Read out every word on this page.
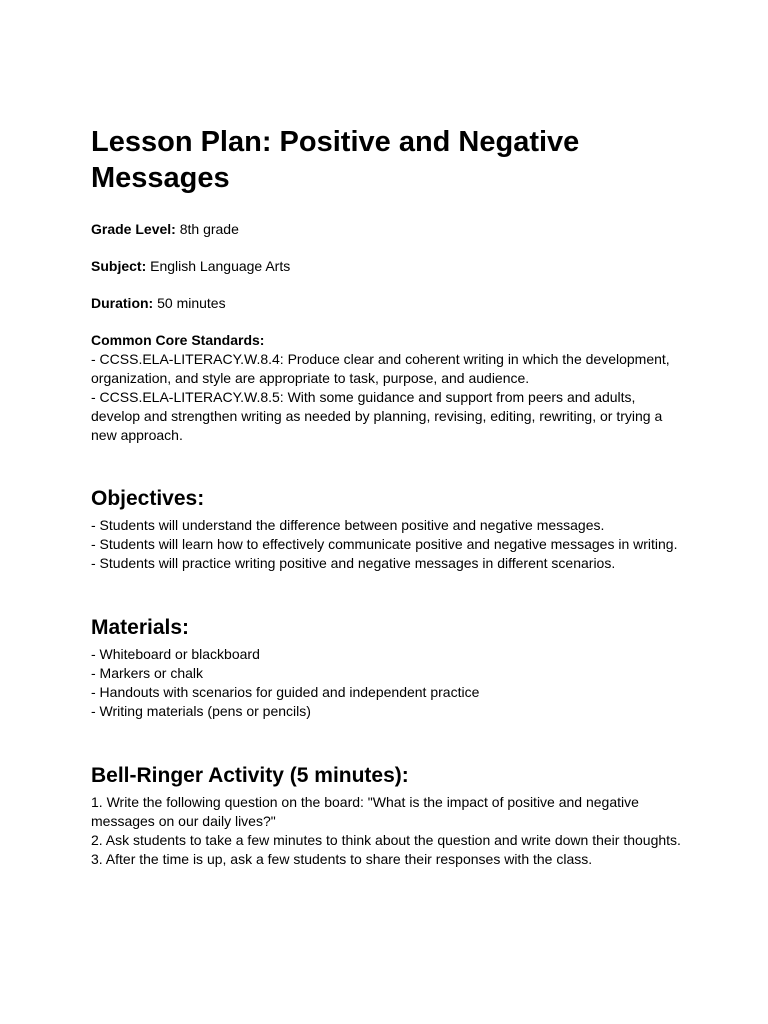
Lesson Plan: Positive and Negative Messages

Grade Level: 8th grade

Subject: English Language Arts

Duration: 50 minutes

Common Core Standards:
- CCSS.ELA-LITERACY.W.8.4: Produce clear and coherent writing in which the development,
organization, and style are appropriate to task, purpose, and audience.
- CCSS.ELA-LITERACY.W.8.5: With some guidance and support from peers and adults,
develop and strengthen writing as needed by planning, revising, editing, rewriting, or trying a
new approach.
Objectives:
- Students will understand the difference between positive and negative messages.
- Students will learn how to effectively communicate positive and negative messages in writing.
- Students will practice writing positive and negative messages in different scenarios.
Materials:
- Whiteboard or blackboard
- Markers or chalk
- Handouts with scenarios for guided and independent practice
- Writing materials (pens or pencils)
Bell-Ringer Activity (5 minutes):
1. Write the following question on the board: "What is the impact of positive and negative
messages on our daily lives?"
2. Ask students to take a few minutes to think about the question and write down their thoughts.
3. After the time is up, ask a few students to share their responses with the class.
